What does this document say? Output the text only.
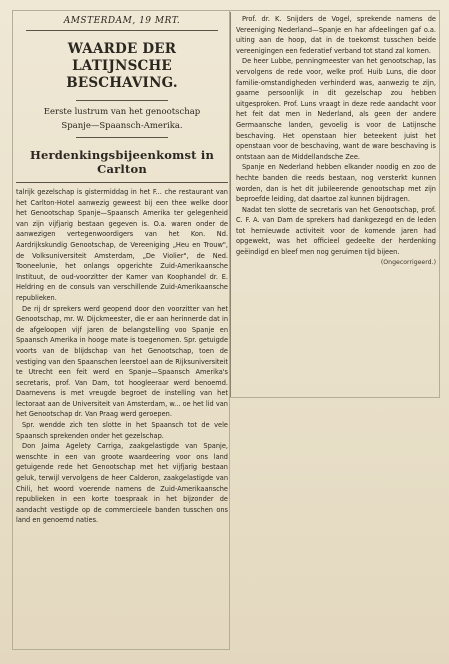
AMSTERDAM, 19 MRT.
WAARDE DER LATIJNSCHE
BESCHAVING.
Eerste lustrum van het genootschap
Spanje—Spaansch-Amerika.
Herdenkingsbijeenkomst in Carlton

talrijk gezelschap is gistermiddag in het F... che restaurant van het Carlton-Hotel aanwezig geweest bij een thee welke door het Genootschap Spanje—Spaansch Amerika ter gelegenheid van zijn vijfjarig bestaan gegeven is. O.a. waren onder de aanwezigen vertegenwoordigers van het Kon. Nd. Aardrijkskundig Genootschap, de Vereeniging „Heu en Trouw", de Volksuniversiteit Amsterdam, „De Violier", de Ned. Tooneelunie, het onlangs opgerichte Zuid-Amerikaansche Instituut, de oud-voorzitter der Kamer van Koophandel dr. E. Heldring en de consuls van verschillende Zuid-Amerikaansche republieken.

De rij dr sprekers werd geopend door den voorzitter van het Genootschap, mr. W. Dijckmeester, die er aan herinnerde dat in de afgeloopen vijf jaren de belangstelling voo Spanje en Spaansch Amerika in hooge mate is toegenomen. Spr. getuigde voorts van de blijdschap van het Genootschap, toen de vestiging van den Spaanschen leerstoel aan de Rijksuniversiteit te Utrecht een feit werd en Spanje—Spaansch Amerika's secretaris, prof. Van Dam, tot hoogleeraar werd benoemd. Daarnevens is met vreugde begroet de instelling van het lectoraat aan de Universiteit van Amsterdam, w... oe het lid van het Genootschap dr. Van Praag werd geroepen.

Spr. wendde zich ten slotte in het Spaansch tot de vele Spaansch sprekenden onder het gezelschap.

Don Jaima Agelety Carriga, zaakgelastigde van Spanje, wenschte in een van groote waardeering voor ons land getuigende rede het Genootschap met het vijfjarig bestaan geluk, terwijl vervolgens de heer Calderon, zaakgelastigde van Chili, het woord voerende namens de Zuid-Amerikaansche republieken in een korte toespraak in het bijzonder de aandacht vestigde op de commercieele banden tusschen ons land en genoemd naties.

Prof. dr. K. Snijders de Vogel, sprekende namens de Vereeniging Nederland—Spanje en har afdeelingen gaf o.a. uiting aan de hoop, dat in de toekomst tusschen beide vereenigingen een federatief verband tot stand zal komen.

De heer Lubbe, penningmeester van het genootschap, las vervolgens de rede voor, welke prof. Huib Luns, die door familie-omstandigheden verhinderd was, aanwezig te zijn, gaarne persoonlijk in dit gezelschap zou hebben uitgesproken. Prof. Luns vraagt in deze rede aandacht voor het feit dat men in Nederland, als geen der andere Germaansche landen, gevoelig is voor de Latijnsche beschaving. Het openstaan hier beteekent juist het openstaan voor de beschaving, want de ware beschaving is ontstaan aan de Middellandsche Zee.

Spanje en Nederland hebben elkander noodig en zoo de hechte banden die reeds bestaan, nog versterkt kunnen worden, dan is het dit jubileerende genootschap met zijn beproefde leiding, dat daartoe zal kunnen bijdragen.

Nadat ten slotte de secretaris van het Genootschap, prof. C. F. A. van Dam de sprekers had dankgezegd en de leden tot hernieuwde activiteit voor de komende jaren had opgewekt, was het officieel gedeelte der herdenking geëindigd en bleef men nog geruimen tijd bijeen.

(Ongecorrigeerd.)
